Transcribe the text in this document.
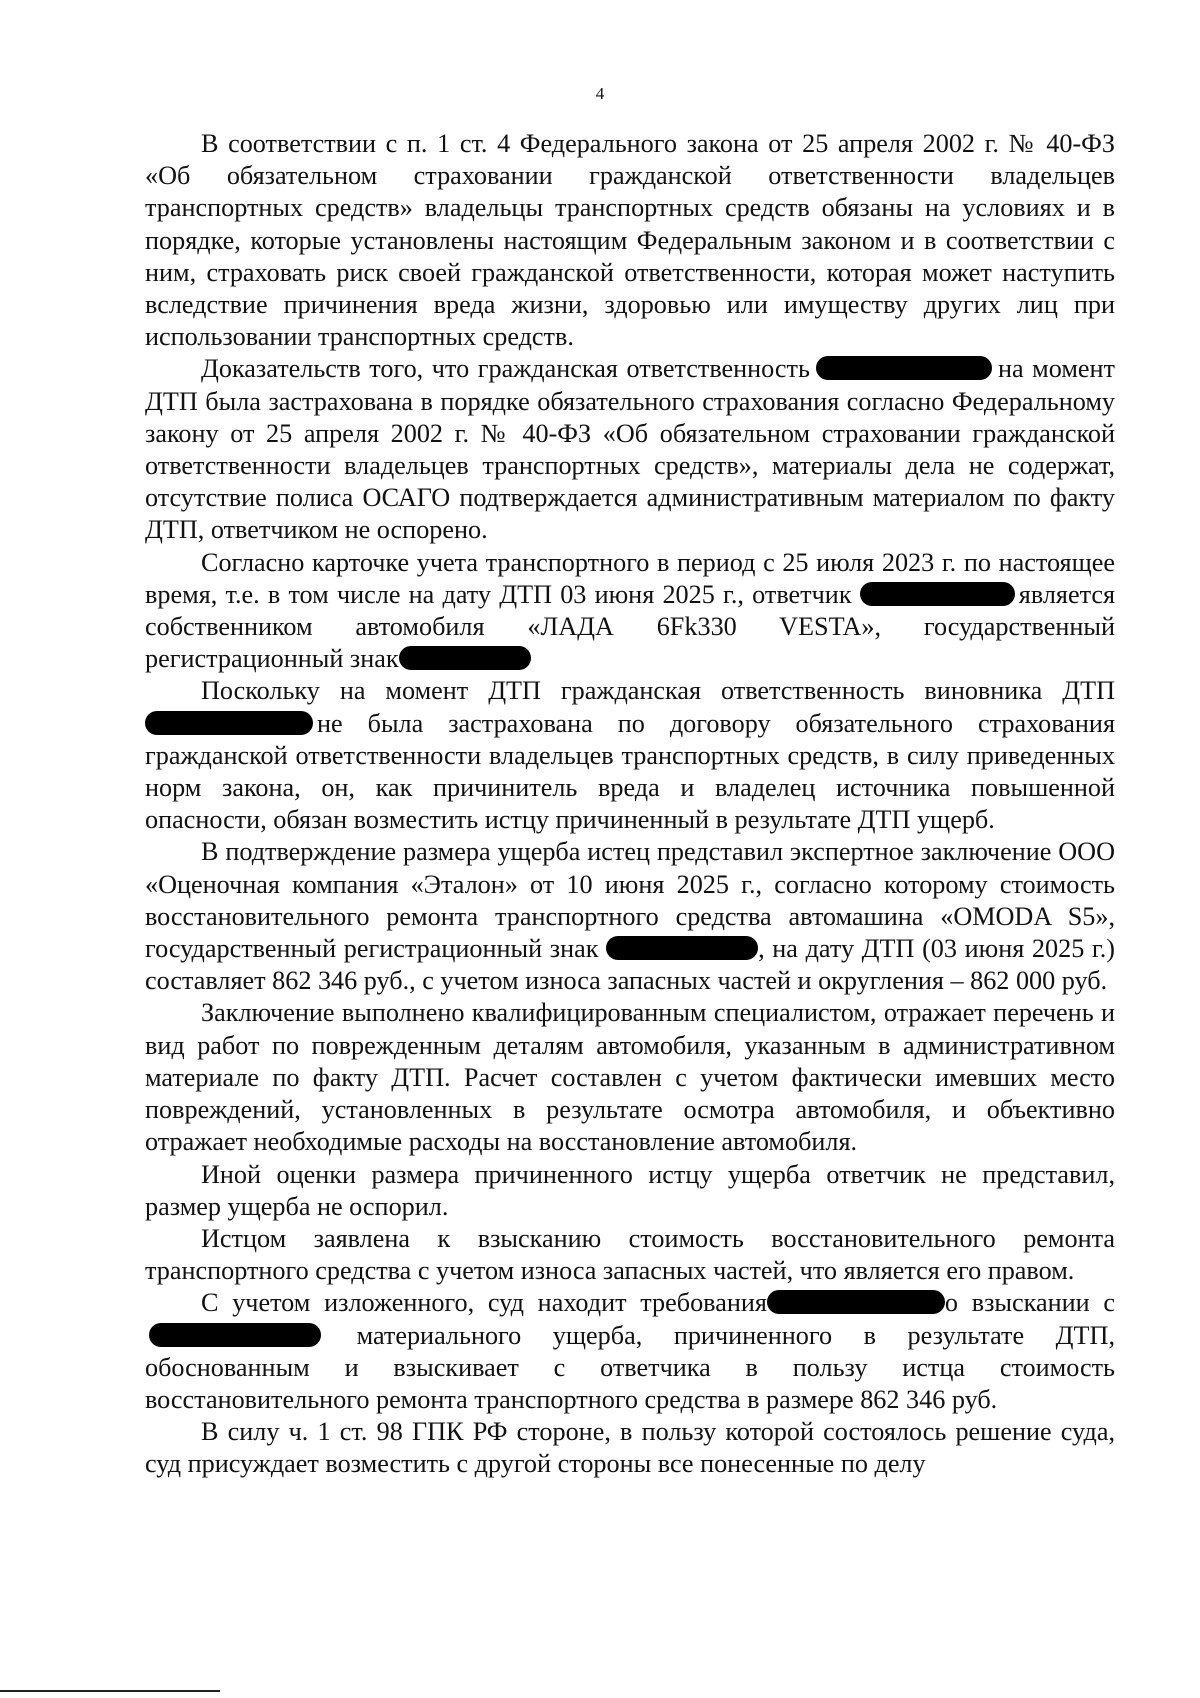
4

В соответствии с п. 1 ст. 4 Федерального закона от 25 апреля 2002 г. № 40-ФЗ «Об обязательном страховании гражданской ответственности владельцев транспортных средств» владельцы транспортных средств обязаны на условиях и в порядке, которые установлены настоящим Федеральным законом и в соответствии с ним, страховать риск своей гражданской ответственности, которая может наступить вследствие причинения вреда жизни, здоровью или имуществу других лиц при использовании транспортных средств.

Доказательств того, что гражданская ответственность	на момент ДТП была застрахована в порядке обязательного страхования согласно Федеральному закону от 25 апреля 2002 г. № 40-ФЗ «Об обязательном страховании гражданской ответственности владельцев транспортных средств», материалы дела не содержат, отсутствие полиса ОСАГО подтверждается административным материалом по факту ДТП, ответчиком не оспорено.

Согласно карточке учета транспортного в период с 25 июля 2023 г. по настоящее время, т.е. в том числе на дату ДТП 03 июня 2025 г., ответчик	является собственником автомобиля «ЛАДА 6Fk330 VESTA», государственный регистрационный знак

Поскольку на момент ДТП гражданская ответственность виновника ДТП не была застрахована по договору обязательного страхования гражданской ответственности владельцев транспортных средств, в силу приведенных норм закона, он, как причинитель вреда и владелец источника повышенной опасности, обязан возместить истцу причиненный в результате ДТП ущерб.

В подтверждение размера ущерба истец представил экспертное заключение ООО «Оценочная компания «Эталон» от 10 июня 2025 г., согласно которому стоимость восстановительного ремонта транспортного средства автомашина «OMODA S5», государственный регистрационный знак	, на дату ДТП (03 июня 2025 г.) составляет 862 346 руб., с учетом износа запасных частей и округления – 862 000 руб.

Заключение выполнено квалифицированным специалистом, отражает перечень и вид работ по поврежденным деталям автомобиля, указанным в административном материале по факту ДТП. Расчет составлен с учетом фактически имевших место повреждений, установленных в результате осмотра автомобиля, и объективно отражает необходимые расходы на восстановление автомобиля.

Иной оценки размера причиненного истцу ущерба ответчик не представил, размер ущерба не оспорил.

Истцом заявлена к взысканию стоимость восстановительного ремонта транспортного средства с учетом износа запасных частей, что является его правом.

С учетом изложенного, суд находит требования	о взыскании с  материального ущерба, причиненного в результате ДТП, обоснованным и взыскивает с ответчика в пользу истца стоимость восстановительного ремонта транспортного средства в размере 862 346 руб.

В силу ч. 1 ст. 98 ГПК РФ стороне, в пользу которой состоялось решение суда, суд присуждает возместить с другой стороны все понесенные по делу
